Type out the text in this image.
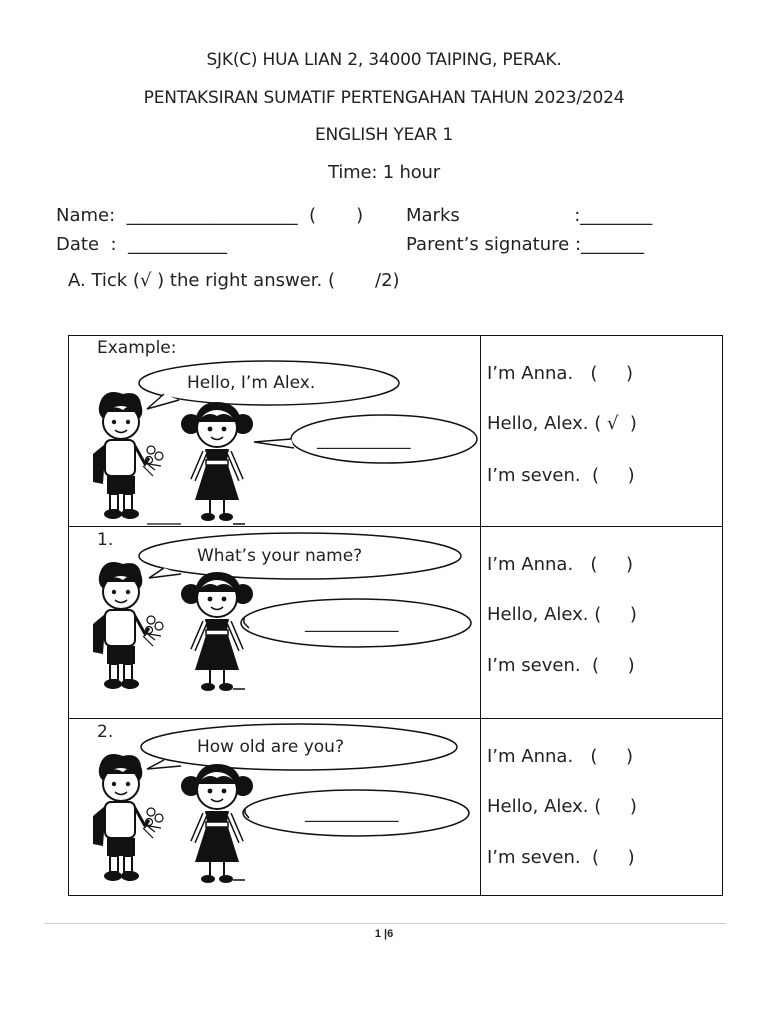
SJK(C) HUA LIAN 2, 34000 TAIPING, PERAK.
PENTAKSIRAN SUMATIF PERTENGAHAN TAHUN 2023/2024
ENGLISH YEAR 1
Time: 1 hour
Name:  ___________________  (       ) Marks                    :________
Date  :  ___________	Parent’s signature :_______
A. Tick (√ ) the right answer. (       /2)
Example:
Hello, I’m Alex.
___________
I’m Anna.   (     )
Hello, Alex. ( √  )
I’m seven.  (     )
1.
What’s your name?
___________
I’m Anna.   (     )
Hello, Alex. (     )
I’m seven.  (     )
2.
How old are you?
___________
I’m Anna.   (     )
Hello, Alex. (     )
I’m seven.  (     )
1 |6
